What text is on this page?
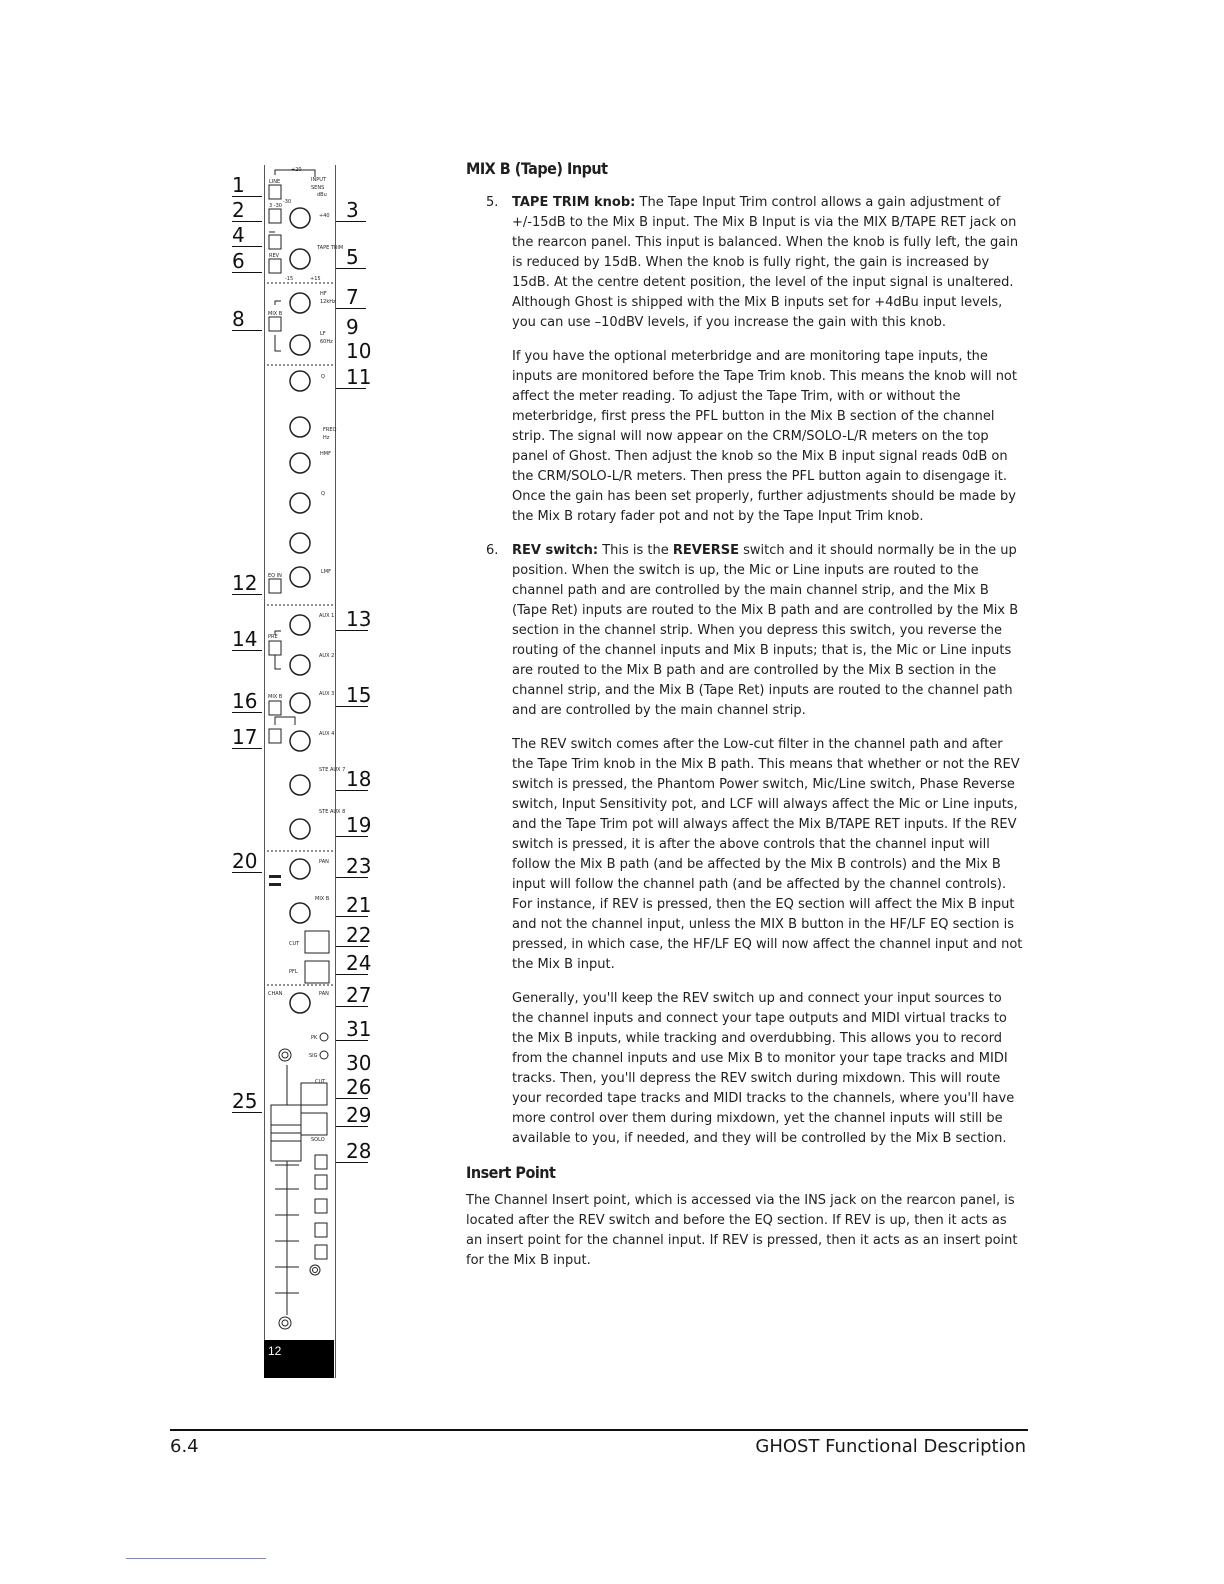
+20
LINE	INPUT
SENS
dBu
-30
3 -30
+40
REV
TAPE TRIM
-15	+15
HF
12kHz
MIX B
LF
60Hz
Q
FREQ
Hz
HMF
Q
LMF
EQ IN
AUX 1
PRE
AUX 2
MIX B	AUX 3
AUX 4
STE AUX 7
STE AUX 8
PAN
MIX B
CUT
PFL
CHAN	PAN
PK
SIG
CUT
SOLO
12
1
2
4
6
8
12
14
16
17
20
25
3
5
7
9
10
11
13
15
18
19
23
21
22
24
27
31
30
26
29
28
MIX B (Tape) Input
5. TAPE TRIM knob: The Tape Input Trim control allows a gain adjustment of +/-15dB to the Mix B input. The Mix B Input is via the MIX B/TAPE RET jack on the rearcon panel. This input is balanced. When the knob is fully left, the gain is reduced by 15dB. When the knob is fully right, the gain is increased by 15dB. At the centre detent position, the level of the input signal is unaltered. Although Ghost is shipped with the Mix B inputs set for +4dBu input levels, you can use –10dBV levels, if you increase the gain with this knob.
If you have the optional meterbridge and are monitoring tape inputs, the inputs are monitored before the Tape Trim knob. This means the knob will not affect the meter reading. To adjust the Tape Trim, with or without the meterbridge, first press the PFL button in the Mix B section of the channel strip. The signal will now appear on the CRM/SOLO-L/R meters on the top panel of Ghost. Then adjust the knob so the Mix B input signal reads 0dB on the CRM/SOLO-L/R meters. Then press the PFL button again to disengage it. Once the gain has been set properly, further adjustments should be made by the Mix B rotary fader pot and not by the Tape Input Trim knob.
6. REV switch: This is the REVERSE switch and it should normally be in the up position. When the switch is up, the Mic or Line inputs are routed to the channel path and are controlled by the main channel strip, and the Mix B (Tape Ret) inputs are routed to the Mix B path and are controlled by the Mix B section in the channel strip. When you depress this switch, you reverse the routing of the channel inputs and Mix B inputs; that is, the Mic or Line inputs are routed to the Mix B path and are controlled by the Mix B section in the channel strip, and the Mix B (Tape Ret) inputs are routed to the channel path and are controlled by the main channel strip.
The REV switch comes after the Low-cut filter in the channel path and after the Tape Trim knob in the Mix B path. This means that whether or not the REV switch is pressed, the Phantom Power switch, Mic/Line switch, Phase Reverse switch, Input Sensitivity pot, and LCF will always affect the Mic or Line inputs, and the Tape Trim pot will always affect the Mix B/TAPE RET inputs. If the REV switch is pressed, it is after the above controls that the channel input will follow the Mix B path (and be affected by the Mix B controls) and the Mix B input will follow the channel path (and be affected by the channel controls). For instance, if REV is pressed, then the EQ section will affect the Mix B input and not the channel input, unless the MIX B button in the HF/LF EQ section is pressed, in which case, the HF/LF EQ will now affect the channel input and not the Mix B input.
Generally, you'll keep the REV switch up and connect your input sources to the channel inputs and connect your tape outputs and MIDI virtual tracks to the Mix B inputs, while tracking and overdubbing. This allows you to record from the channel inputs and use Mix B to monitor your tape tracks and MIDI tracks. Then, you'll depress the REV switch during mixdown. This will route your recorded tape tracks and MIDI tracks to the channels, where you'll have more control over them during mixdown, yet the channel inputs will still be available to you, if needed, and they will be controlled by the Mix B section.
Insert Point
The Channel Insert point, which is accessed via the INS jack on the rearcon panel, is located after the REV switch and before the EQ section. If REV is up, then it acts as an insert point for the channel input. If REV is pressed, then it acts as an insert point for the Mix B input.
6.4	GHOST Functional Description
